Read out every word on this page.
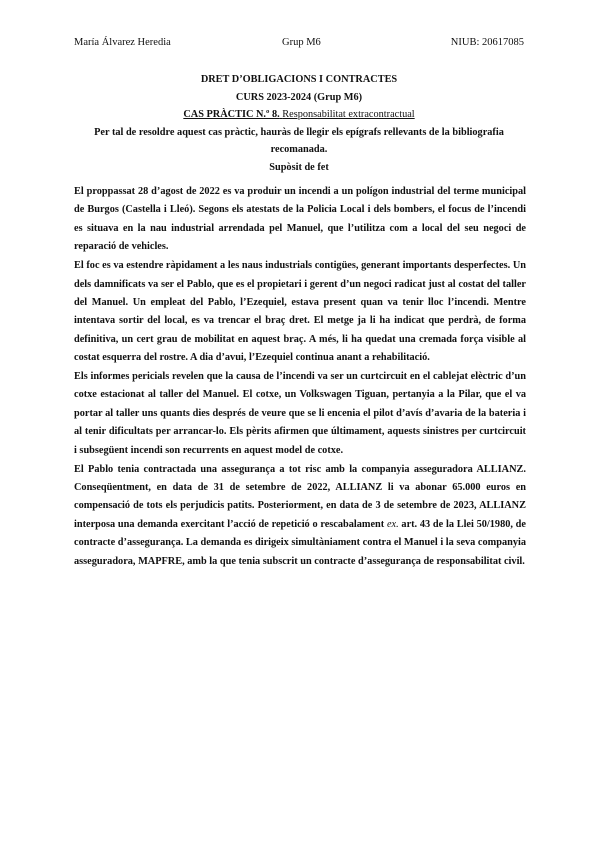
María Álvarez Heredia	Grup M6	NIUB: 20617085
DRET D’OBLIGACIONS I CONTRACTES
CURS 2023-2024 (Grup M6)
CAS PRÀCTIC N.º 8. Responsabilitat extracontractual
Per tal de resoldre aquest cas pràctic, hauràs de llegir els epígrafs rellevants de la bibliografia recomanada.
Supòsit de fet

El proppassat 28 d’agost de 2022 es va produir un incendi a un polígon industrial del terme municipal de Burgos (Castella i Lleó). Segons els atestats de la Policia Local i dels bombers, el focus de l’incendi es situava en la nau industrial arrendada pel Manuel, que l’utilitza com a local del seu negoci de reparació de vehicles.

El foc es va estendre ràpidament a les naus industrials contigües, generant importants desperfectes. Un dels damnificats va ser el Pablo, que es el propietari i gerent d’un negoci radicat just al costat del taller del Manuel. Un empleat del Pablo, l’Ezequiel, estava present quan va tenir lloc l’incendi. Mentre intentava sortir del local, es va trencar el braç dret. El metge ja li ha indicat que perdrà, de forma definitiva, un cert grau de mobilitat en aquest braç. A més, li ha quedat una cremada força visible al costat esquerra del rostre. A dia d’avui, l’Ezequiel continua anant a rehabilitació.

Els informes pericials revelen que la causa de l’incendi va ser un curtcircuit en el cablejat elèctric d’un cotxe estacionat al taller del Manuel. El cotxe, un Volkswagen Tiguan, pertanyia a la Pilar, que el va portar al taller uns quants dies després de veure que se li encenia el pilot d’avís d’avaria de la bateria i al tenir dificultats per arrancar-lo. Els pèrits afirmen que últimament, aquests sinistres per curtcircuit i subsegüent incendi son recurrents en aquest model de cotxe.

El Pablo tenia contractada una assegurança a tot risc amb la companyia asseguradora ALLIANZ. Conseqüentment, en data de 31 de setembre de 2022, ALLIANZ li va abonar 65.000 euros en compensació de tots els perjudicis patits. Posteriorment, en data de 3 de setembre de 2023, ALLIANZ interposa una demanda exercitant l’acció de repetició o rescabalament ex. art. 43 de la Llei 50/1980, de contracte d’assegurança. La demanda es dirigeix simultàniament contra el Manuel i la seva companyia asseguradora, MAPFRE, amb la que tenia subscrit un contracte d’assegurança de responsabilitat civil.
